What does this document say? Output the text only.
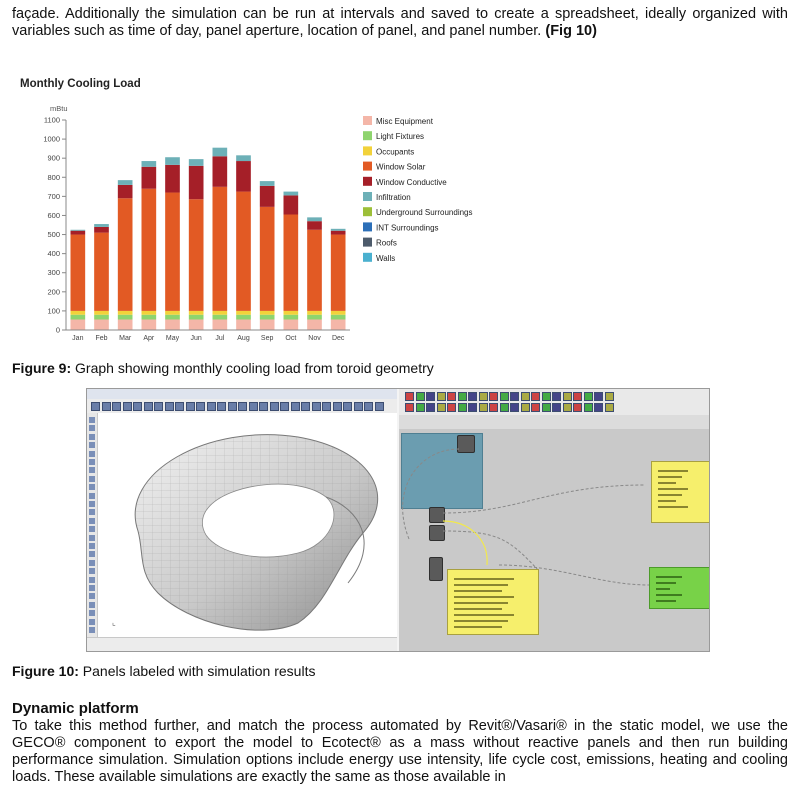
façade. Additionally the simulation can be run at intervals and saved to create a spreadsheet, ideally organized with variables such as time of day, panel aperture, location of panel, and panel number. (Fig 10)

Monthly Cooling Load
mBtu
0
100
200
300
400
500
600
700
800
900
1000
1100
Jan Feb Mar Apr May Jun Jul Aug Sep Oct Nov Dec
Misc Equipment
Light Fixtures
Occupants
Window Solar
Window Conductive
Infiltration
Underground Surroundings
INT Surroundings
Roofs
Walls

Figure 9: Graph showing monthly cooling load from toroid geometry

⌞

Figure 10: Panels labeled with simulation results

Dynamic platform

To take this method further, and match the process automated by Revit®/Vasari® in the static model, we use the GECO® component to export the model to Ecotect® as a mass without reactive panels and then run building performance simulation. Simulation options include energy use intensity, life cycle cost, emissions, heating and cooling loads. These available simulations are exactly the same as those available in
